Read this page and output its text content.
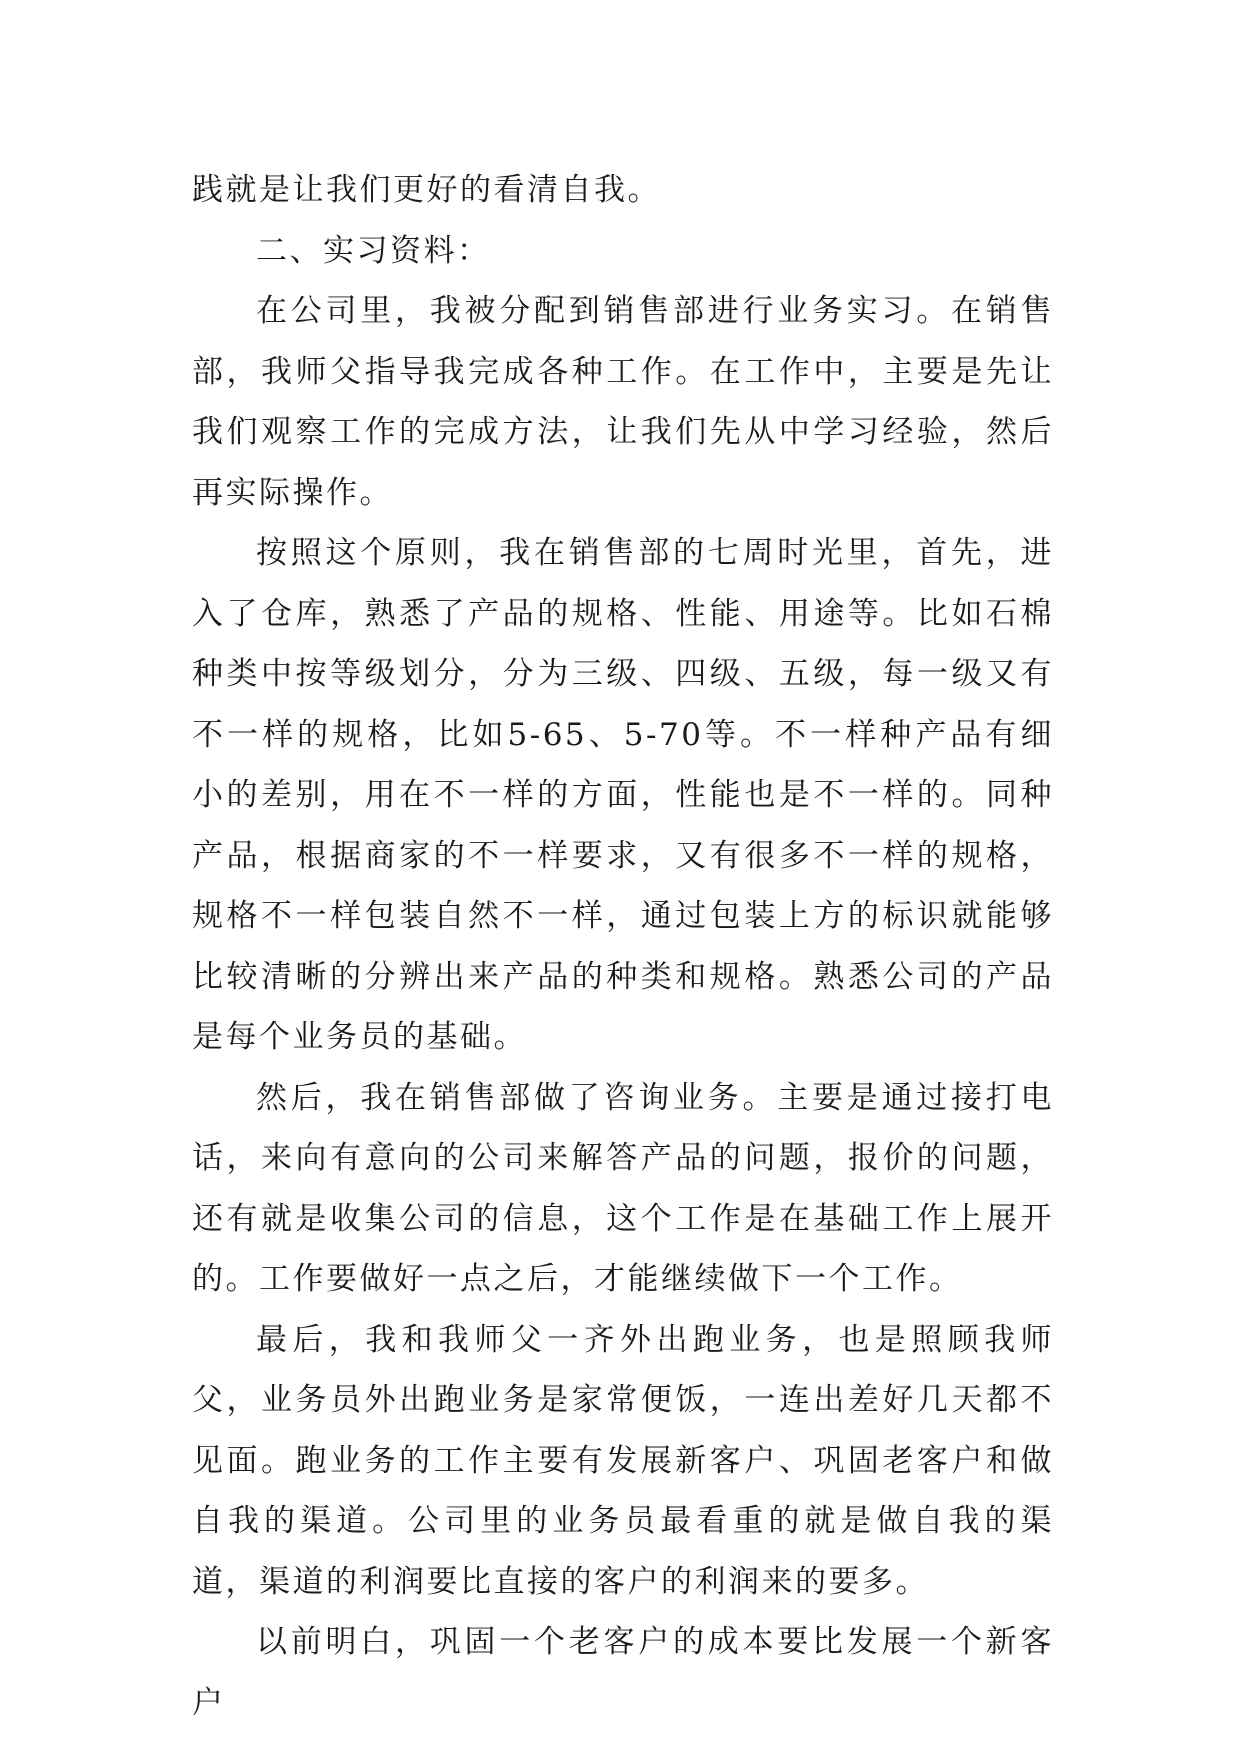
践就是让我们更好的看清自我。

二、实习资料：

在公司里，我被分配到销售部进行业务实习。在销售部，我师父指导我完成各种工作。在工作中，主要是先让我们观察工作的完成方法，让我们先从中学习经验，然后再实际操作。

按照这个原则，我在销售部的七周时光里，首先，进入了仓库，熟悉了产品的规格、性能、用途等。比如石棉种类中按等级划分，分为三级、四级、五级，每一级又有不一样的规格，比如5-65、5-70等。不一样种产品有细小的差别，用在不一样的方面，性能也是不一样的。同种产品，根据商家的不一样要求，又有很多不一样的规格，规格不一样包装自然不一样，通过包装上方的标识就能够比较清晰的分辨出来产品的种类和规格。熟悉公司的产品是每个业务员的基础。

然后，我在销售部做了咨询业务。主要是通过接打电话，来向有意向的公司来解答产品的问题，报价的问题，还有就是收集公司的信息，这个工作是在基础工作上展开的。工作要做好一点之后，才能继续做下一个工作。

最后，我和我师父一齐外出跑业务，也是照顾我师父，业务员外出跑业务是家常便饭，一连出差好几天都不见面。跑业务的工作主要有发展新客户、巩固老客户和做自我的渠道。公司里的业务员最看重的就是做自我的渠道，渠道的利润要比直接的客户的利润来的要多。

以前明白，巩固一个老客户的成本要比发展一个新客户
